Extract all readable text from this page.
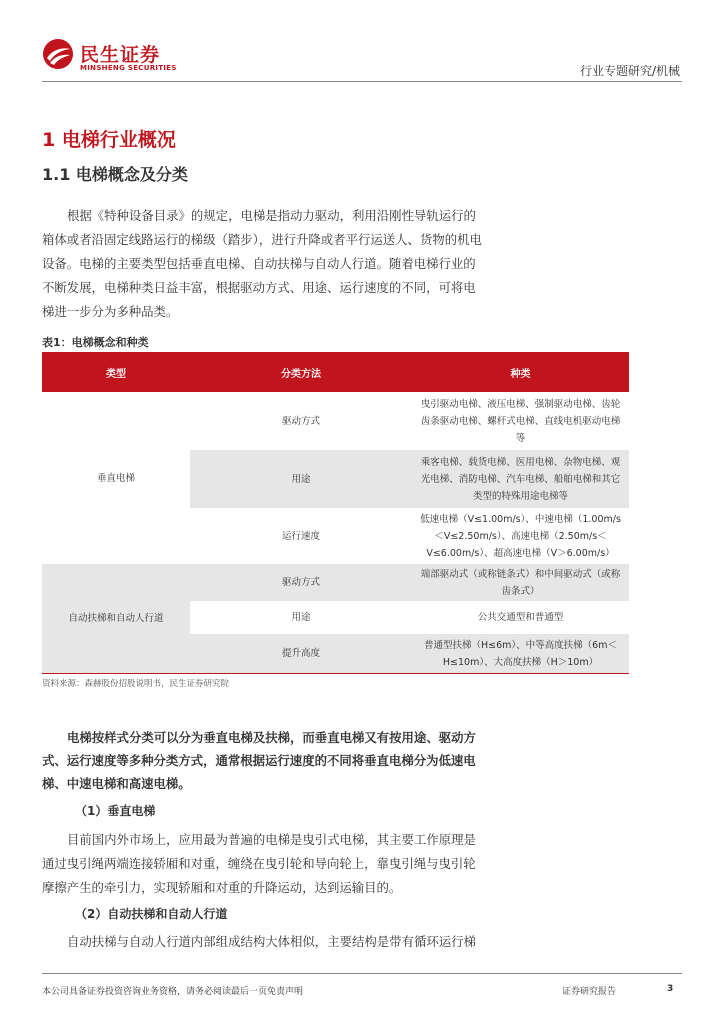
民生证券
MINSHENG SECURITIES	行业专题研究/机械
1 电梯行业概况
1.1 电梯概念及分类

根据《特种设备目录》的规定，电梯是指动力驱动，利用沿刚性导轨运行的箱体或者沿固定线路运行的梯级（踏步），进行升降或者平行运送人、货物的机电设备。电梯的主要类型包括垂直电梯、自动扶梯与自动人行道。随着电梯行业的不断发展，电梯种类日益丰富，根据驱动方式、用途、运行速度的不同，可将电梯进一步分为多种品类。

表1：电梯概念和种类
类型	分类方法	种类
垂直电梯	驱动方式	曳引驱动电梯、液压电梯、强制驱动电梯、齿轮齿条驱动电梯、螺杆式电梯、直线电机驱动电梯等
	用途	乘客电梯、载货电梯、医用电梯、杂物电梯、观光电梯、消防电梯、汽车电梯、船舶电梯和其它类型的特殊用途电梯等
	运行速度	低速电梯（V≤1.00m/s）、中速电梯（1.00m/s＜V≤2.50m/s）、高速电梯（2.50m/s＜V≤6.00m/s）、超高速电梯（V＞6.00m/s）
自动扶梯和自动人行道	驱动方式	端部驱动式（或称链条式）和中间驱动式（或称齿条式）
	用途	公共交通型和普通型
	提升高度	普通型扶梯（H≤6m）、中等高度扶梯（6m＜H≤10m）、大高度扶梯（H＞10m）
资料来源：森赫股份招股说明书，民生证券研究院

电梯按样式分类可以分为垂直电梯及扶梯，而垂直电梯又有按用途、驱动方式、运行速度等多种分类方式，通常根据运行速度的不同将垂直电梯分为低速电梯、中速电梯和高速电梯。

（1）垂直电梯

目前国内外市场上，应用最为普遍的电梯是曳引式电梯，其主要工作原理是通过曳引绳两端连接轿厢和对重，缠绕在曳引轮和导向轮上，靠曳引绳与曳引轮摩擦产生的牵引力，实现轿厢和对重的升降运动，达到运输目的。

（2）自动扶梯和自动人行道

自动扶梯与自动人行道内部组成结构大体相似，主要结构是带有循环运行梯

本公司具备证券投资咨询业务资格，请务必阅读最后一页免责声明	证券研究报告	3
